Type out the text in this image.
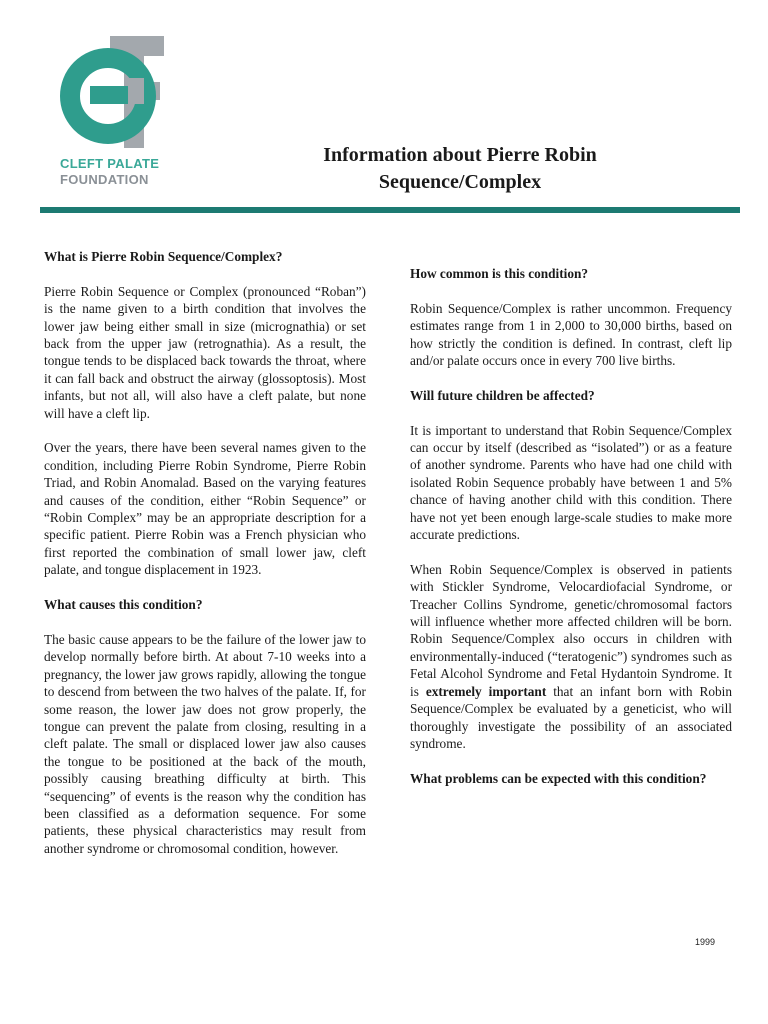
CLEFT PALATE
FOUNDATION
Information about Pierre Robin
Sequence/Complex
What is Pierre Robin Sequence/Complex?

Pierre Robin Sequence or Complex (pronounced “Roban”) is the name given to a birth condition that involves the lower jaw being either small in size (micrognathia) or set back from the upper jaw (retrognathia). As a result, the tongue tends to be displaced back towards the throat, where it can fall back and obstruct the airway (glossoptosis). Most infants, but not all, will also have a cleft palate, but none will have a cleft lip.

Over the years, there have been several names given to the condition, including Pierre Robin Syndrome, Pierre Robin Triad, and Robin Anomalad. Based on the varying features and causes of the condition, either “Robin Sequence” or “Robin Complex” may be an appropriate description for a specific patient. Pierre Robin was a French physician who first reported the combination of small lower jaw, cleft palate, and tongue displacement in 1923.

What causes this condition?

The basic cause appears to be the failure of the lower jaw to develop normally before birth. At about 7-10 weeks into a pregnancy, the lower jaw grows rapidly, allowing the tongue to descend from between the two halves of the palate. If, for some reason, the lower jaw does not grow properly, the tongue can prevent the palate from closing, resulting in a cleft palate. The small or displaced lower jaw also causes the tongue to be positioned at the back of the mouth, possibly causing breathing difficulty at birth. This “sequencing” of events is the reason why the condition has been classified as a deformation sequence. For some patients, these physical characteristics may result from another syndrome or chromosomal condition, however.

How common is this condition?

Robin Sequence/Complex is rather uncommon. Frequency estimates range from 1 in 2,000 to 30,000 births, based on how strictly the condition is defined. In contrast, cleft lip and/or palate occurs once in every 700 live births.

Will future children be affected?

It is important to understand that Robin Sequence/Complex can occur by itself (described as “isolated”) or as a feature of another syndrome. Parents who have had one child with isolated Robin Sequence probably have between 1 and 5% chance of having another child with this condition. There have not yet been enough large-scale studies to make more accurate predictions.

When Robin Sequence/Complex is observed in patients with Stickler Syndrome, Velocardiofacial Syndrome, or Treacher Collins Syndrome, genetic/chromosomal factors will influence whether more affected children will be born. Robin Sequence/Complex also occurs in children with environmentally-induced (“teratogenic”) syndromes such as Fetal Alcohol Syndrome and Fetal Hydantoin Syndrome. It is extremely important that an infant born with Robin Sequence/Complex be evaluated by a geneticist, who will thoroughly investigate the possibility of an associated syndrome.

What problems can be expected with this condition?
1999
